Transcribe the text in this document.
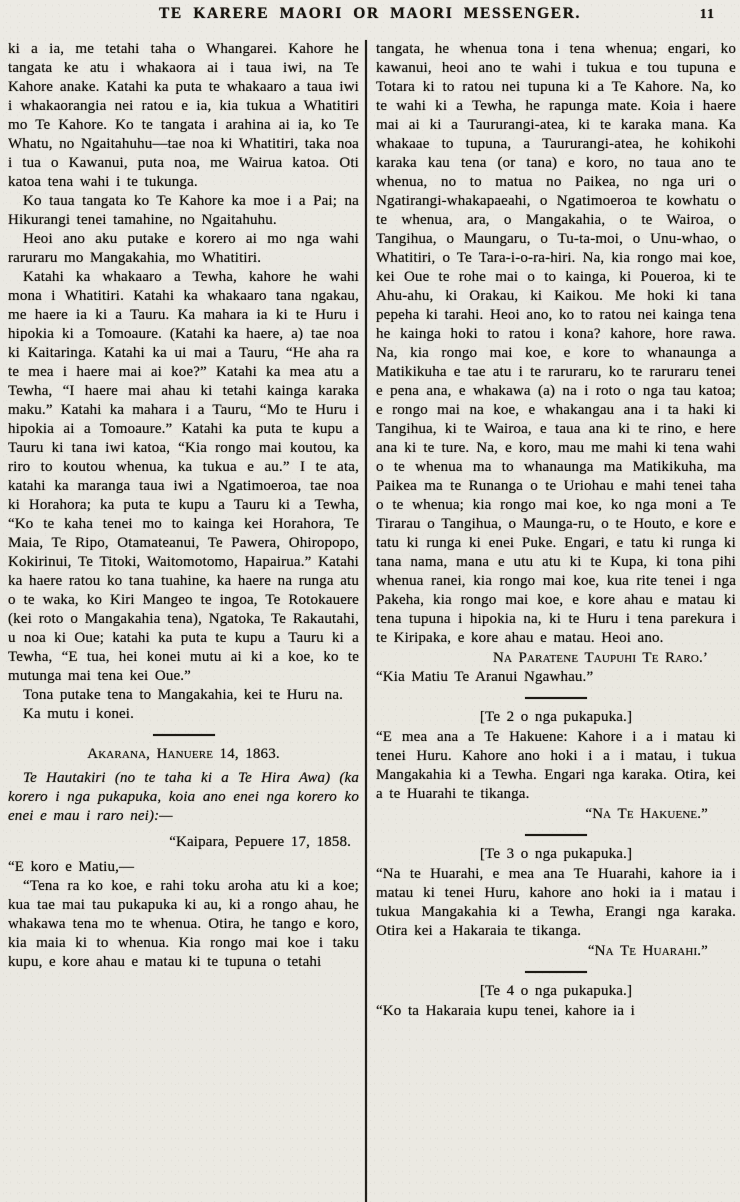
TE KARERE MAORI OR MAORI MESSENGER.	11

ki a ia, me tetahi taha o Whangarei. Kahore he tangata ke atu i whakaora ai i taua iwi, na Te Kahore anake. Katahi ka puta te whakaaro a taua iwi i whakaorangia nei ratou e ia, kia tukua a Whatitiri mo Te Kahore. Ko te tangata i arahina ai ia, ko Te Whatu, no Ngaitahuhu—tae noa ki Whatitiri, taka noa i tua o Kawanui, puta noa, me Wairua katoa. Oti katoa tena wahi i te tukunga.

Ko taua tangata ko Te Kahore ka moe i a Pai; na Hikurangi tenei tamahine, no Ngaitahuhu.

Heoi ano aku putake e korero ai mo nga wahi raruraru mo Mangakahia, mo Whatitiri.

Katahi ka whakaaro a Tewha, kahore he wahi mona i Whatitiri. Katahi ka whakaaro tana ngakau, me haere ia ki a Tauru. Ka mahara ia ki te Huru i hipokia ki a Tomoaure. (Katahi ka haere, a) tae noa ki Kaitaringa. Katahi ka ui mai a Tauru, “He aha ra te mea i haere mai ai koe?” Katahi ka mea atu a Tewha, “I haere mai ahau ki tetahi kainga karaka maku.” Katahi ka mahara i a Tauru, “Mo te Huru i hipokia ai a Tomoaure.” Katahi ka puta te kupu a Tauru ki tana iwi katoa, “Kia rongo mai koutou, ka riro to koutou whenua, ka tukua e au.” I te ata, katahi ka maranga taua iwi a Ngatimoeroa, tae noa ki Horahora; ka puta te kupu a Tauru ki a Tewha, “Ko te kaha tenei mo to kainga kei Horahora, Te Maia, Te Ripo, Otamateanui, Te Pawera, Ohiropopo, Kokirinui, Te Titoki, Waitomotomo, Hapairua.” Katahi ka haere ratou ko tana tuahine, ka haere na runga atu o te waka, ko Kiri Mangeo te ingoa, Te Rotokauere (kei roto o Mangakahia tena), Ngatoka, Te Rakautahi, u noa ki Oue; katahi ka puta te kupu a Tauru ki a Tewha, “E tua, hei konei mutu ai ki a koe, ko te mutunga mai tena kei Oue.”

Tona putake tena to Mangakahia, kei te Huru na.

Ka mutu i konei.

Akarana, Hanuere 14, 1863.

Te Hautakiri (no te taha ki a Te Hira Awa) (ka korero i nga pukapuka, koia ano enei nga korero ko enei e mau i raro nei):—

“Kaipara, Pepuere 17, 1858.

“E koro e Matiu,—

“Tena ra ko koe, e rahi toku aroha atu ki a koe; kua tae mai tau pukapuka ki au, ki a rongo ahau, he whakawa tena mo te whenua. Otira, he tango e koro, kia maia ki to whenua. Kia rongo mai koe i taku kupu, e kore ahau e matau ki te tupuna o tetahi

tangata, he whenua tona i tena whenua; engari, ko kawanui, heoi ano te wahi i tukua e tou tupuna e Totara ki to ratou nei tupuna ki a Te Kahore. Na, ko te wahi ki a Tewha, he rapunga mate. Koia i haere mai ai ki a Taururangi-atea, ki te karaka mana. Ka whakaae to tupuna, a Taururangi-atea, he kohikohi karaka kau tena (or tana) e koro, no taua ano te whenua, no to matua no Paikea, no nga uri o Ngatirangi-whakapaeahi, o Ngatimoeroa te kowhatu o te whenua, ara, o Mangakahia, o te Wairoa, o Tangihua, o Maungaru, o Tu-ta-moi, o Unu-whao, o Whatitiri, o Te Tara-i-o-ra-hiri. Na, kia rongo mai koe, kei Oue te rohe mai o to kainga, ki Poueroa, ki te Ahu-ahu, ki Orakau, ki Kaikou. Me hoki ki tana pepeha ki tarahi. Heoi ano, ko to ratou nei kainga tena he kainga hoki to ratou i kona? kahore, hore rawa. Na, kia rongo mai koe, e kore to whanaunga a Matikikuha e tae atu i te raruraru, ko te raruraru tenei e pena ana, e whakawa (a) na i roto o nga tau katoa; e rongo mai na koe, e whakangau ana i ta haki ki Tangihua, ki te Wairoa, e taua ana ki te rino, e here ana ki te ture. Na, e koro, mau me mahi ki tena wahi o te whenua ma to whanaunga ma Matikikuha, ma Paikea ma te Runanga o te Uriohau e mahi tenei taha o te whenua; kia rongo mai koe, ko nga moni a Te Tirarau o Tangihua, o Maunga-ru, o te Houto, e kore e tatu ki runga ki enei Puke. Engari, e tatu ki runga ki tana nama, mana e utu atu ki te Kupa, ki tona pihi whenua ranei, kia rongo mai koe, kua rite tenei i nga Pakeha, kia rongo mai koe, e kore ahau e matau ki tena tupuna i hipokia na, ki te Huru i tena parekura i te Kiripaka, e kore ahau e matau. Heoi ano.

Na Paratene Taupuhi Te Raro.’

“Kia Matiu Te Aranui Ngawhau.”

[Te 2 o nga pukapuka.]

“E mea ana a Te Hakuene: Kahore i a i matau ki tenei Huru. Kahore ano hoki i a i matau, i tukua Mangakahia ki a Tewha. Engari nga karaka. Otira, kei a te Huarahi te tikanga.

“Na Te Hakuene.”

[Te 3 o nga pukapuka.]

“Na te Huarahi, e mea ana Te Huarahi, kahore ia i matau ki tenei Huru, kahore ano hoki ia i matau i tukua Mangakahia ki a Tewha, Erangi nga karaka. Otira kei a Hakaraia te tikanga.

“Na Te Huarahi.”

[Te 4 o nga pukapuka.]

“Ko ta Hakaraia kupu tenei, kahore ia i
